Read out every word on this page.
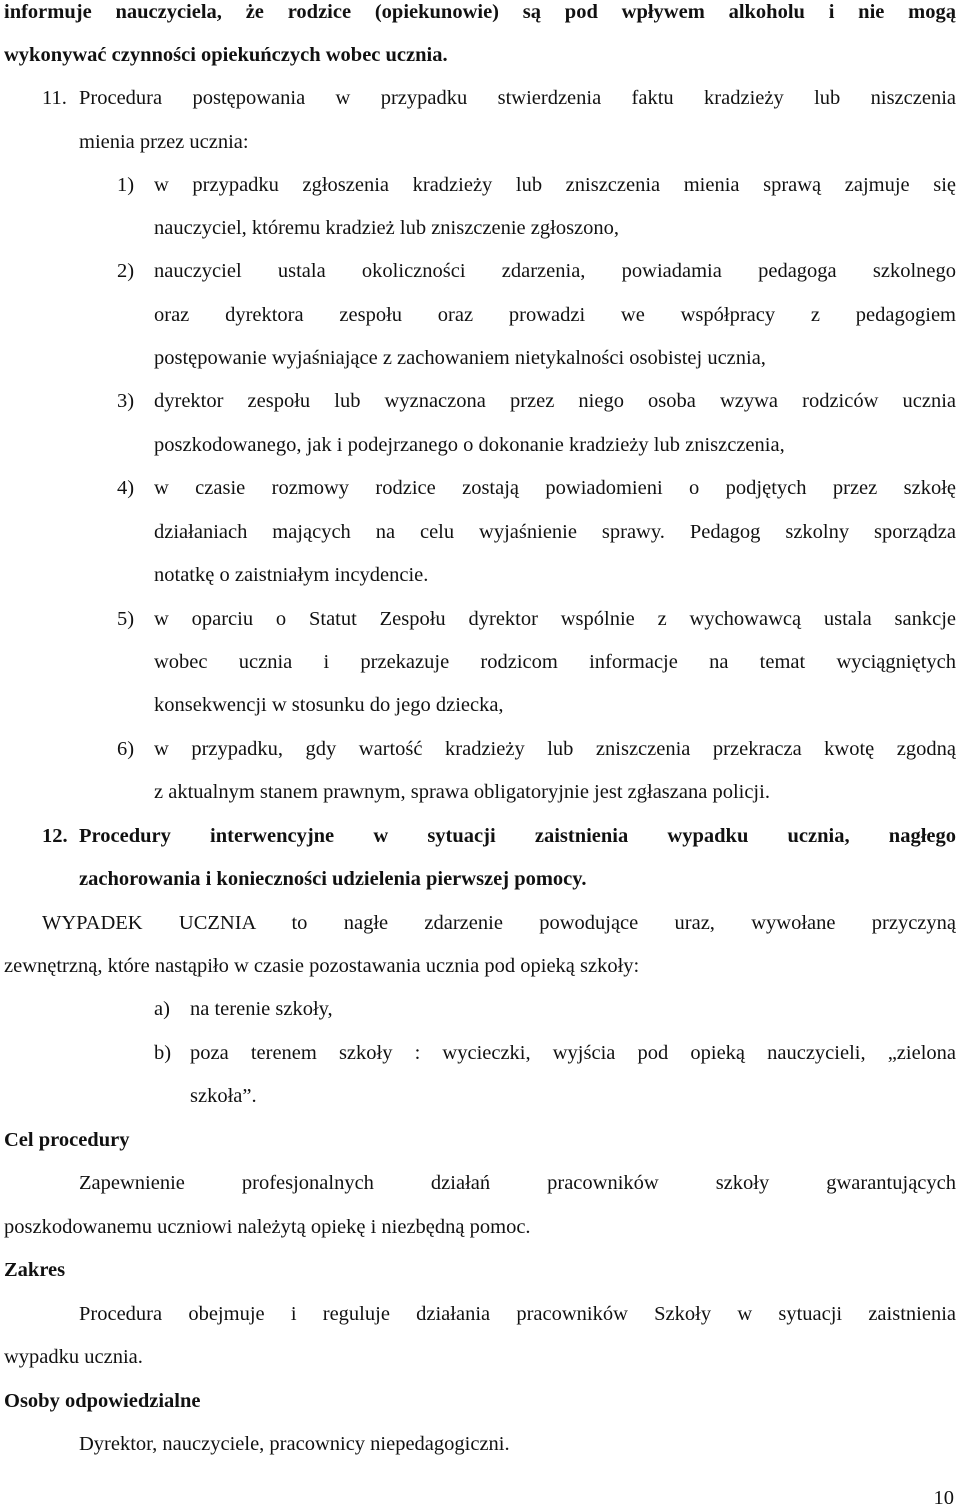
informuje nauczyciela, że rodzice (opiekunowie) są pod wpływem alkoholu i nie mogą
wykonywać czynności opiekuńczych wobec ucznia.
11. Procedura postępowania w przypadku stwierdzenia faktu kradzieży lub niszczenia
mienia przez ucznia:
1) w przypadku zgłoszenia kradzieży lub zniszczenia mienia sprawą zajmuje się
nauczyciel, któremu kradzież lub zniszczenie zgłoszono,
2) nauczyciel ustala okoliczności zdarzenia, powiadamia pedagoga szkolnego
oraz dyrektora zespołu oraz prowadzi we współpracy z pedagogiem
postępowanie wyjaśniające z zachowaniem nietykalności osobistej ucznia,
3) dyrektor zespołu lub wyznaczona przez niego osoba wzywa rodziców ucznia
poszkodowanego, jak i podejrzanego o dokonanie kradzieży lub zniszczenia,
4) w czasie rozmowy rodzice zostają powiadomieni o podjętych przez szkołę
działaniach mających na celu wyjaśnienie sprawy. Pedagog szkolny sporządza
notatkę o zaistniałym incydencie.
5) w oparciu o Statut Zespołu dyrektor wspólnie z wychowawcą ustala sankcje
wobec ucznia i przekazuje rodzicom informacje na temat wyciągniętych
konsekwencji w stosunku do jego dziecka,
6) w przypadku, gdy wartość kradzieży lub zniszczenia przekracza kwotę zgodną
z aktualnym stanem prawnym, sprawa obligatoryjnie jest zgłaszana policji.
12. Procedury interwencyjne w sytuacji zaistnienia wypadku ucznia, nagłego
zachorowania i konieczności udzielenia pierwszej pomocy.
WYPADEK UCZNIA to nagłe zdarzenie powodujące uraz, wywołane przyczyną
zewnętrzną, które nastąpiło w czasie pozostawania ucznia pod opieką szkoły:
a) na terenie szkoły,
b) poza terenem szkoły : wycieczki, wyjścia pod opieką nauczycieli, „zielona
szkoła”.
Cel procedury
Zapewnienie profesjonalnych działań pracowników szkoły gwarantujących
poszkodowanemu uczniowi należytą opiekę i niezbędną pomoc.
Zakres
Procedura obejmuje i reguluje działania pracowników Szkoły w sytuacji zaistnienia
wypadku ucznia.
Osoby odpowiedzialne
Dyrektor, nauczyciele, pracownicy niepedagogiczni.
10
